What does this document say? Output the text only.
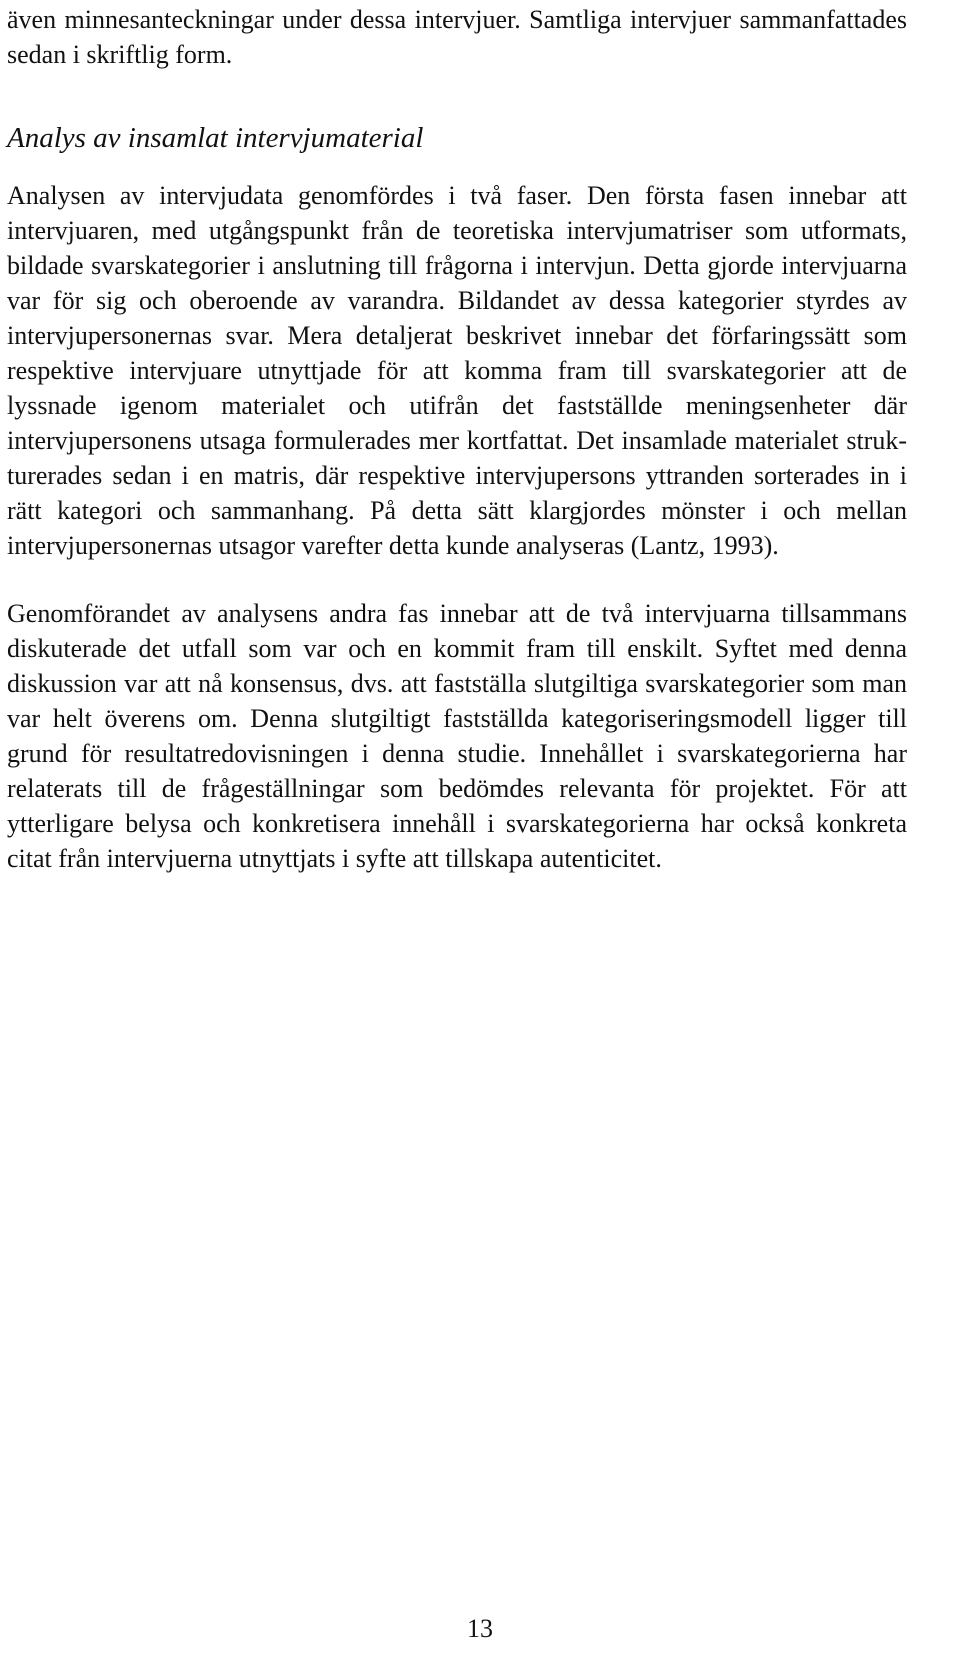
även minnesanteckningar under dessa intervjuer. Samtliga intervjuer sammanfattades sedan i skriftlig form.

Analys av insamlat intervjumaterial

Analysen av intervjudata genomfördes i två faser. Den första fasen innebar att intervjuaren, med utgångspunkt från de teoretiska intervjumatriser som utformats, bildade svarskategorier i anslutning till frågorna i intervjun. Detta gjorde intervjuarna var för sig och oberoende av varandra. Bildandet av dessa kategorier styrdes av intervjupersonernas svar. Mera detaljerat beskrivet innebar det förfaringssätt som respektive intervjuare utnyttjade för att komma fram till svarskategorier att de lyssnade igenom materialet och utifrån det fastställde meningsenheter där intervjupersonens utsaga formulerades mer kortfattat. Det insamlade materialet strukturerades sedan i en matris, där respektive intervjupersons yttranden sorterades in i rätt kategori och sammanhang. På detta sätt klargjordes mönster i och mellan intervjupersonernas utsagor varefter detta kunde analyseras (Lantz, 1993).

Genomförandet av analysens andra fas innebar att de två intervjuarna tillsammans diskuterade det utfall som var och en kommit fram till enskilt. Syftet med denna diskussion var att nå konsensus, dvs. att fastställa slutgiltiga svarskategorier som man var helt överens om. Denna slutgiltigt fastställda kategoriseringsmodell ligger till grund för resultatredovisningen i denna studie. Innehållet i svarskategorierna har relaterats till de frågeställningar som bedömdes relevanta för projektet. För att ytterligare belysa och konkretisera innehåll i svarskategorierna har också konkreta citat från intervjuerna utnyttjats i syfte att tillskapa autenticitet.

13
